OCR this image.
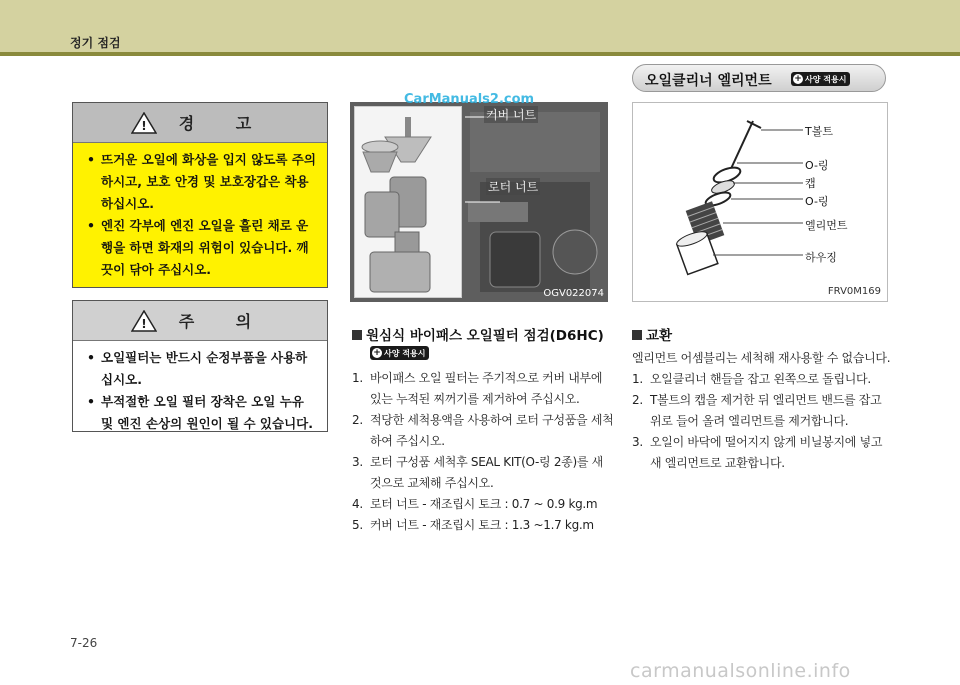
정기 점검
! 경 고
• 뜨거운 오일에 화상을 입지 않도록 주의하시고, 보호 안경 및 보호장갑은 착용하십시오.
• 엔진 각부에 엔진 오일을 흘린 채로 운행을 하면 화재의 위험이 있습니다. 깨끗이 닦아 주십시오.
! 주 의
• 오일필터는 반드시 순정부품을 사용하십시오.
• 부적절한 오일 필터 장착은 오일 누유 및 엔진 손상의 원인이 될 수 있습니다.
커버 너트
로터 너트
OGV022074
CarManuals2.com
오일클리너 엘리먼트	+ 사양 적용시
T볼트
O-링
캡
O-링
엘리먼트
하우징
FRV0M169
원심식 바이패스 오일필터 점검(D6HC)
+ 사양 적용시
1. 바이패스 오일 필터는 주기적으로 커버 내부에 있는 누적된 찌꺼기를 제거하여 주십시오.
2. 적당한 세척용액을 사용하여 로터 구성품을 세척하여 주십시오.
3. 로터 구성품 세척후 SEAL KIT(O-링 2종)를 새것으로 교체해 주십시오.
4. 로터 너트 - 재조립시 토크 : 0.7 ~ 0.9 kg.m
5. 커버 너트 - 재조립시 토크 : 1.3 ~1.7 kg.m
교환
엘리먼트 어셈블리는 세척해 재사용할 수 없습니다.
1. 오일클리너 핸들을 잡고 왼쪽으로 돌립니다.
2. T볼트의 캡을 제거한 뒤 엘리먼트 밴드를 잡고 위로 들어 올려 엘리먼트를 제거합니다.
3. 오일이 바닥에 떨어지지 않게 비닐봉지에 넣고 새 엘리먼트로 교환합니다.
7-26
carmanualsonline.info
